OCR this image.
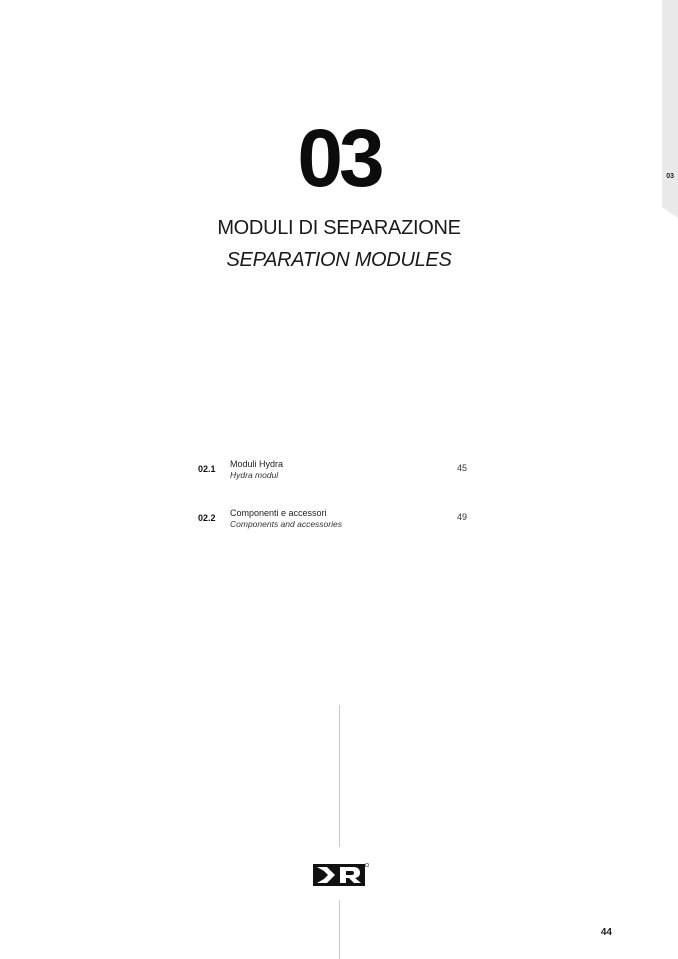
03
03
MODULI DI SEPARAZIONE
SEPARATION MODULES
02.1 Moduli Hydra
Hydra modul
45
02.2 Componenti e accessori
Components and accessories
49
44
